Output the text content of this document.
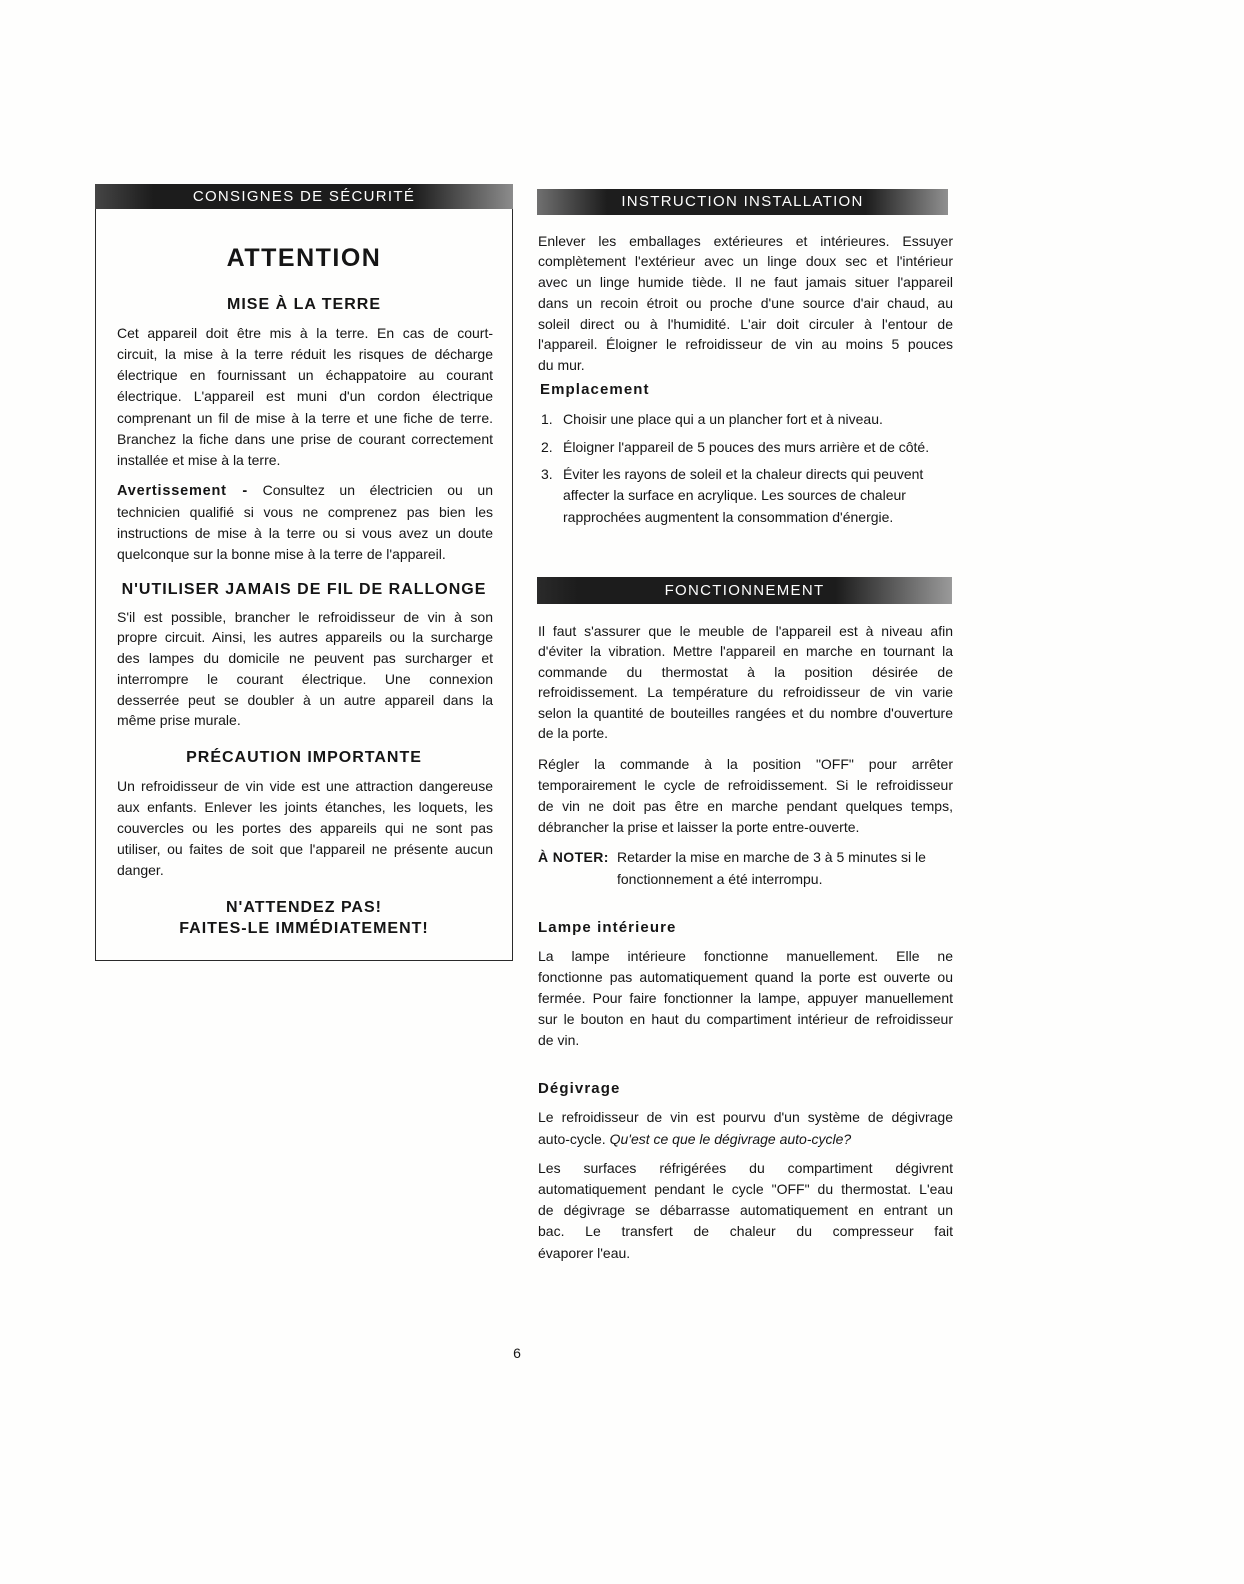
CONSIGNES DE SÉCURITÉ
ATTENTION
MISE À LA TERRE
Cet appareil doit être mis à la terre. En cas de court-
circuit, la mise à la terre réduit les risques de décharge
électrique en fournissant un échappatoire au courant
électrique. L'appareil est muni d'un cordon électrique
comprenant un fil de mise à la terre et une fiche de terre.
Branchez la fiche dans une prise de courant correctement
installée et mise à la terre.
Avertissement - Consultez un électricien ou un
technicien qualifié si vous ne comprenez pas bien les
instructions de mise à la terre ou si vous avez un doute
quelconque sur la bonne mise à la terre de l'appareil.
N'UTILISER JAMAIS DE FIL DE RALLONGE
S'il est possible, brancher le refroidisseur de vin à son
propre circuit. Ainsi, les autres appareils ou la surcharge
des lampes du domicile ne peuvent pas surcharger et
interrompre le courant électrique. Une connexion
desserrée peut se doubler à un autre appareil dans la
même prise murale.
PRÉCAUTION IMPORTANTE
Un refroidisseur de vin vide est une attraction dangereuse
aux enfants. Enlever les joints étanches, les loquets, les
couvercles ou les portes des appareils qui ne sont pas
utiliser, ou faites de soit que l'appareil ne présente aucun
danger.
N'ATTENDEZ PAS!
FAITES-LE IMMÉDIATEMENT!
INSTRUCTION INSTALLATION
Enlever les emballages extérieures et intérieures. Essuyer
complètement l'extérieur avec un linge doux sec et l'intérieur
avec un linge humide tiède. Il ne faut jamais situer l'appareil
dans un recoin étroit ou proche d'une source d'air chaud, au
soleil direct ou à l'humidité. L'air doit circuler à l'entour de
l'appareil. Éloigner le refroidisseur de vin au moins 5 pouces
du mur.
Emplacement
1. Choisir une place qui a un plancher fort et à niveau.
2. Éloigner l'appareil de 5 pouces des murs arrière et de côté.
3. Éviter les rayons de soleil et la chaleur directs qui peuvent
affecter la surface en acrylique. Les sources de chaleur
rapprochées augmentent la consommation d'énergie.
FONCTIONNEMENT
Il faut s'assurer que le meuble de l'appareil est à niveau afin
d'éviter la vibration. Mettre l'appareil en marche en tournant la
commande du thermostat à la position désirée de
refroidissement. La température du refroidisseur de vin varie
selon la quantité de bouteilles rangées et du nombre d'ouverture
de la porte.
Régler la commande à la position "OFF" pour arrêter
temporairement le cycle de refroidissement. Si le refroidisseur
de vin ne doit pas être en marche pendant quelques temps,
débrancher la prise et laisser la porte entre-ouverte.
À NOTER: Retarder la mise en marche de 3 à 5 minutes si le
fonctionnement a été interrompu.
Lampe intérieure
La lampe intérieure fonctionne manuellement. Elle ne
fonctionne pas automatiquement quand la porte est ouverte ou
fermée. Pour faire fonctionner la lampe, appuyer manuellement
sur le bouton en haut du compartiment intérieur de refroidisseur
de vin.
Dégivrage
Le refroidisseur de vin est pourvu d'un système de dégivrage
auto-cycle. Qu'est ce que le dégivrage auto-cycle?
Les surfaces réfrigérées du compartiment dégivrent
automatiquement pendant le cycle "OFF" du thermostat. L'eau
de dégivrage se débarrasse automatiquement en entrant un
bac. Le transfert de chaleur du compresseur fait
évaporer l'eau.
6
